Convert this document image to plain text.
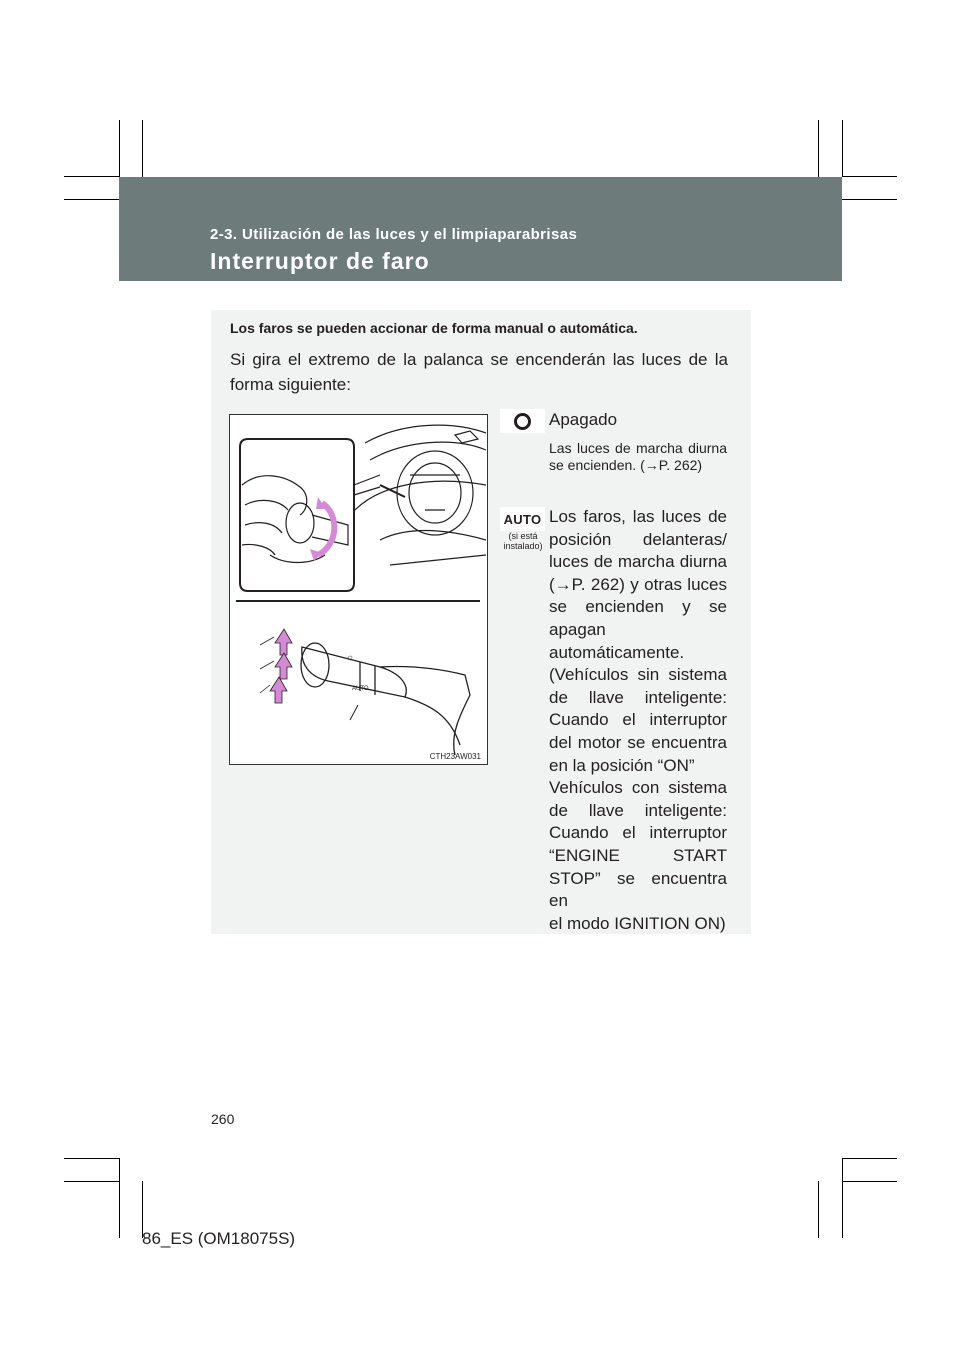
2-3. Utilización de las luces y el limpiaparabrisas
Interruptor de faro
Los faros se pueden accionar de forma manual o automática.
Si gira el extremo de la palanca se encenderán las luces de la forma siguiente:
☼
AUTO
CTH23AW031
Apagado
Las luces de marcha diurna se encienden. (→P. 262)
AUTO
(si está
instalado)
Los faros, las luces de
posición delanteras/
luces de marcha diurna
(→P. 262) y otras luces
se encienden y se
apagan
automáticamente.
(Vehículos sin sistema
de llave inteligente:
Cuando el interruptor
del motor se encuentra
en la posición “ON”
Vehículos con sistema
de llave inteligente:
Cuando el interruptor
“ENGINE START
STOP” se encuentra en
el modo IGNITION ON)
260
86_ES (OM18075S)
